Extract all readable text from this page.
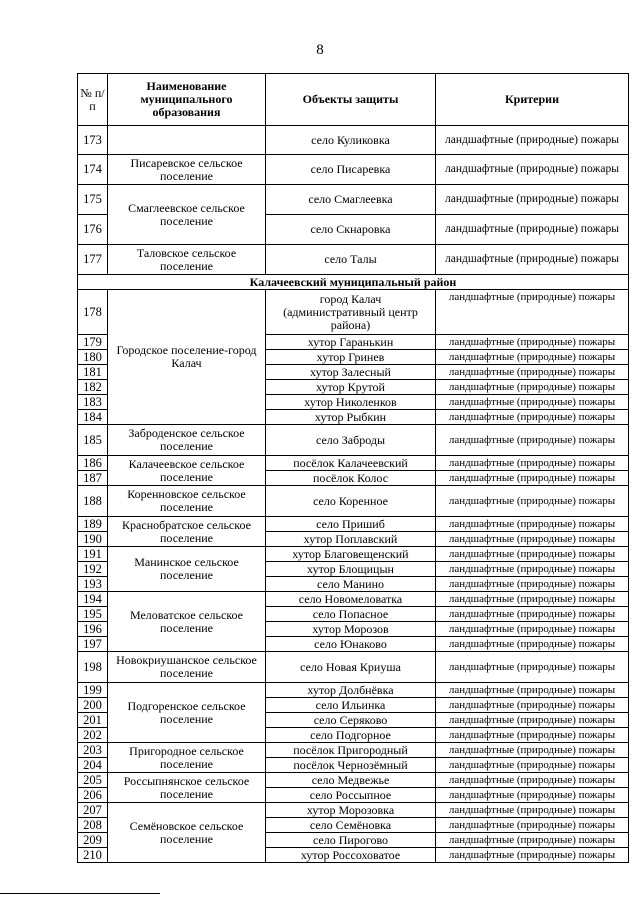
8
№ п/п	Наименование муниципального образования	Объекты защиты	Критерии
173		село Куликовка	ландшафтные (природные) пожары
174	Писаревское сельское поселение	село Писаревка	ландшафтные (природные) пожары
175	Смаглеевское сельское поселение	село Смаглеевка	ландшафтные (природные) пожары
176		село Скнаровка	ландшафтные (природные) пожары
177	Таловское сельское поселение	село Талы	ландшафтные (природные) пожары
Калачеевский муниципальный район			
178	Городское поселение-город Калач	город Калач (административный центр района)	ландшафтные (природные) пожары
179		хутор Гаранькин	ландшафтные (природные) пожары
180		хутор Гринев	ландшафтные (природные) пожары
181		хутор Залесный	ландшафтные (природные) пожары
182		хутор Крутой	ландшафтные (природные) пожары
183		хутор Николенков	ландшафтные (природные) пожары
184		хутор Рыбкин	ландшафтные (природные) пожары
185	Заброденское сельское поселение	село Заброды	ландшафтные (природные) пожары
186	Калачеевское сельское поселение	посёлок Калачеевский	ландшафтные (природные) пожары
187		посёлок Колос	ландшафтные (природные) пожары
188	Коренновское сельское поселение	село Коренное	ландшафтные (природные) пожары
189	Краснобратское сельское поселение	село Пришиб	ландшафтные (природные) пожары
190		хутор Поплавский	ландшафтные (природные) пожары
191	Манинское сельское поселение	хутор Благовещенский	ландшафтные (природные) пожары
192		хутор Блощицын	ландшафтные (природные) пожары
193		село Манино	ландшафтные (природные) пожары
194	Меловатское сельское поселение	село Новомеловатка	ландшафтные (природные) пожары
195		село Попасное	ландшафтные (природные) пожары
196		хутор Морозов	ландшафтные (природные) пожары
197		село Юнаково	ландшафтные (природные) пожары
198	Новокриушанское сельское поселение	село Новая Криуша	ландшафтные (природные) пожары
199	Подгоренское сельское поселение	хутор Долбнёвка	ландшафтные (природные) пожары
200		село Ильинка	ландшафтные (природные) пожары
201		село Серяково	ландшафтные (природные) пожары
202		село Подгорное	ландшафтные (природные) пожары
203	Пригородное сельское поселение	посёлок Пригородный	ландшафтные (природные) пожары
204		посёлок Чернозёмный	ландшафтные (природные) пожары
205	Россыпнянское сельское поселение	село Медвежье	ландшафтные (природные) пожары
206		село Россыпное	ландшафтные (природные) пожары
207	Семёновское сельское поселение	хутор Морозовка	ландшафтные (природные) пожары
208		село Семёновка	ландшафтные (природные) пожары
209		село Пирогово	ландшафтные (природные) пожары
210		хутор Россоховатое	ландшафтные (природные) пожары
